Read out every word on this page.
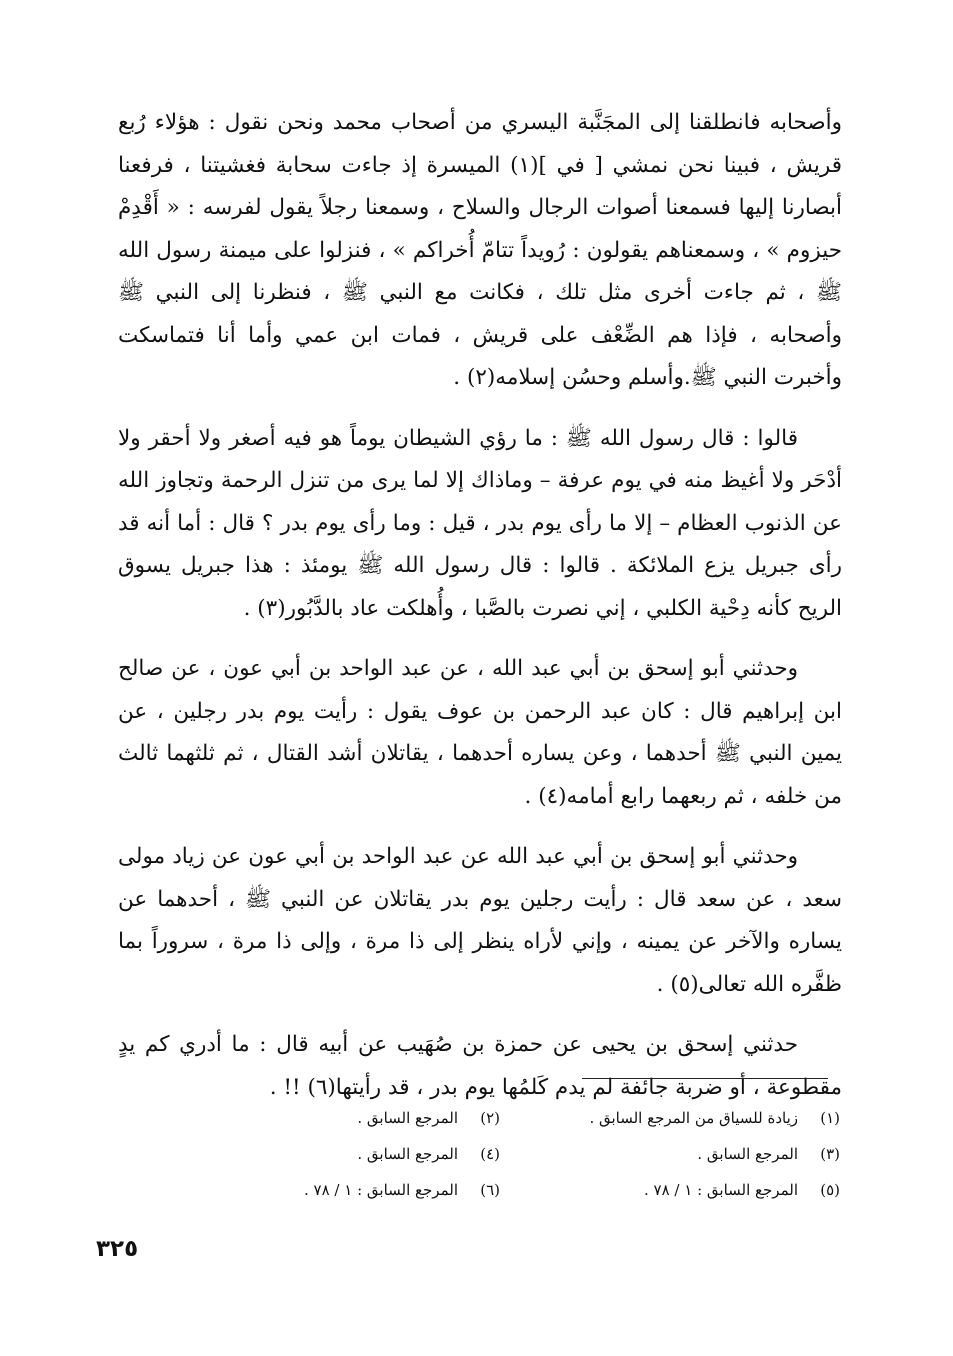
وأصحابه فانطلقنا إلى المجَنَّبة اليسري من أصحاب محمد ونحن نقول : هؤلاء رُبع قريش ، فبينا نحن نمشي [ في ](١) الميسرة إذ جاءت سحابة فغشيتنا ، فرفعنا أبصارنا إليها فسمعنا أصوات الرجال والسلاح ، وسمعنا رجلاً يقول لفرسه : « أَقْدِمْ حيزوم » ، وسمعناهم يقولون : رُويداً تتامّ أُخراكم » ، فنزلوا على ميمنة رسول الله ﷺ ، ثم جاءت أخرى مثل تلك ، فكانت مع النبي ﷺ ، فنظرنا إلى النبي ﷺ وأصحابه ، فإذا هم الضِّعْف على قريش ، فمات ابن عمي وأما أنا فتماسكت وأخبرت النبي ﷺ.وأسلم وحسُن إسلامه(٢) .

قالوا : قال رسول الله ﷺ : ما رؤي الشيطان يوماً هو فيه أصغر ولا أحقر ولا أدْحَر ولا أغيظ منه في يوم عرفة – وماذاك إلا لما يرى من تنزل الرحمة وتجاوز الله عن الذنوب العظام – إلا ما رأى يوم بدر ، قيل : وما رأى يوم بدر ؟ قال : أما أنه قد رأى جبريل يزع الملائكة . قالوا : قال رسول الله ﷺ يومئذ : هذا جبريل يسوق الريح كأنه دِحْية الكلبي ، إني نصرت بالصَّبا ، وأُهلكت عاد بالدَّبُور(٣) .

وحدثني أبو إسحق بن أبي عبد الله ، عن عبد الواحد بن أبي عون ، عن صالح ابن إبراهيم قال : كان عبد الرحمن بن عوف يقول : رأيت يوم بدر رجلين ، عن يمين النبي ﷺ أحدهما ، وعن يساره أحدهما ، يقاتلان أشد القتال ، ثم ثلثهما ثالث من خلفه ، ثم ربعهما رابع أمامه(٤) .

وحدثني أبو إسحق بن أبي عبد الله عن عبد الواحد بن أبي عون عن زياد مولى سعد ، عن سعد قال : رأيت رجلين يوم بدر يقاتلان عن النبي ﷺ ، أحدهما عن يساره والآخر عن يمينه ، وإني لأراه ينظر إلى ذا مرة ، وإلى ذا مرة ، سروراً بما ظفَّره الله تعالى(٥) .

حدثني إسحق بن يحيى عن حمزة بن صُهَيب عن أبيه قال : ما أدري كم يدٍ مقطوعة ، أو ضربة جائفة لم يدم كَلمُها يوم بدر ، قد رأيتها(٦) !! .

(١)
زيادة للسياق من المرجع السابق .
(٢)
المرجع السابق .
(٣)
المرجع السابق .
(٤)
المرجع السابق .
(٥)
المرجع السابق : ١ / ٧٨ .
(٦)
المرجع السابق : ١ / ٧٨ .
٣٢٥
